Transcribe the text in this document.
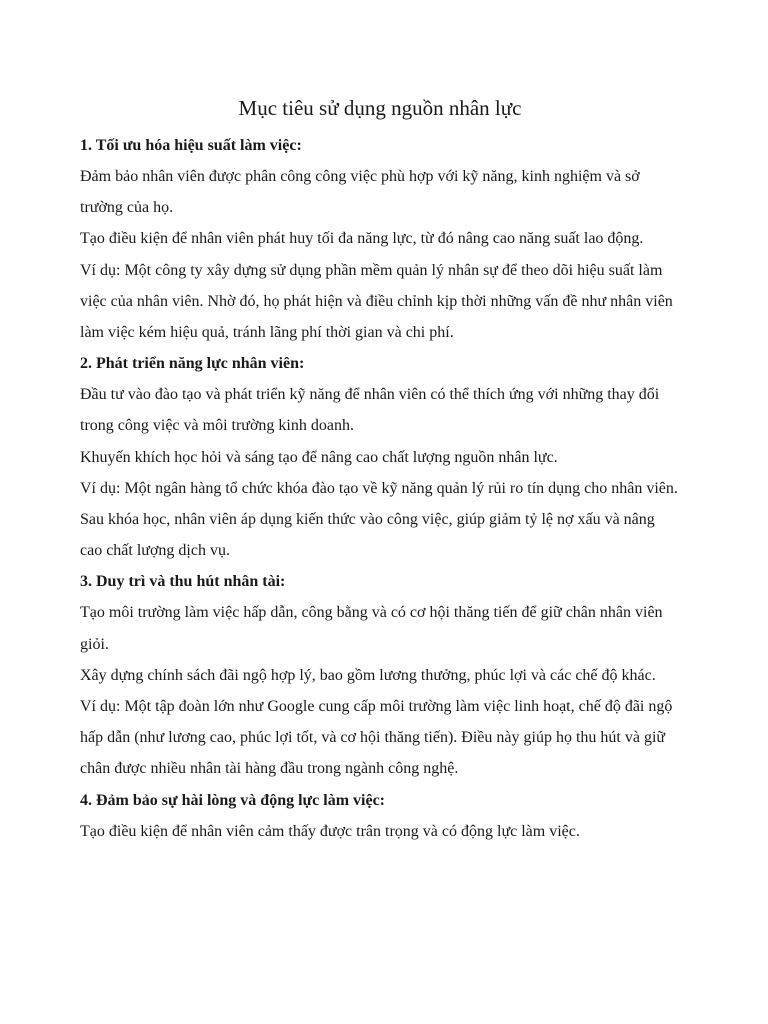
Mục tiêu sử dụng nguồn nhân lực

1. Tối ưu hóa hiệu suất làm việc:

Đảm bảo nhân viên được phân công công việc phù hợp với kỹ năng, kinh nghiệm và sở trường của họ.

Tạo điều kiện để nhân viên phát huy tối đa năng lực, từ đó nâng cao năng suất lao động.

Ví dụ: Một công ty xây dựng sử dụng phần mềm quản lý nhân sự để theo dõi hiệu suất làm việc của nhân viên. Nhờ đó, họ phát hiện và điều chỉnh kịp thời những vấn đề như nhân viên làm việc kém hiệu quả, tránh lãng phí thời gian và chi phí.

2. Phát triển năng lực nhân viên:

Đầu tư vào đào tạo và phát triển kỹ năng để nhân viên có thể thích ứng với những thay đổi trong công việc và môi trường kinh doanh.

Khuyến khích học hỏi và sáng tạo để nâng cao chất lượng nguồn nhân lực.

Ví dụ: Một ngân hàng tổ chức khóa đào tạo về kỹ năng quản lý rủi ro tín dụng cho nhân viên. Sau khóa học, nhân viên áp dụng kiến thức vào công việc, giúp giảm tỷ lệ nợ xấu và nâng cao chất lượng dịch vụ.

3. Duy trì và thu hút nhân tài:

Tạo môi trường làm việc hấp dẫn, công bằng và có cơ hội thăng tiến để giữ chân nhân viên giỏi.

Xây dựng chính sách đãi ngộ hợp lý, bao gồm lương thưởng, phúc lợi và các chế độ khác.

Ví dụ: Một tập đoàn lớn như Google cung cấp môi trường làm việc linh hoạt, chế độ đãi ngộ hấp dẫn (như lương cao, phúc lợi tốt, và cơ hội thăng tiến). Điều này giúp họ thu hút và giữ chân được nhiều nhân tài hàng đầu trong ngành công nghệ.

4. Đảm bảo sự hài lòng và động lực làm việc:

Tạo điều kiện để nhân viên cảm thấy được trân trọng và có động lực làm việc.
